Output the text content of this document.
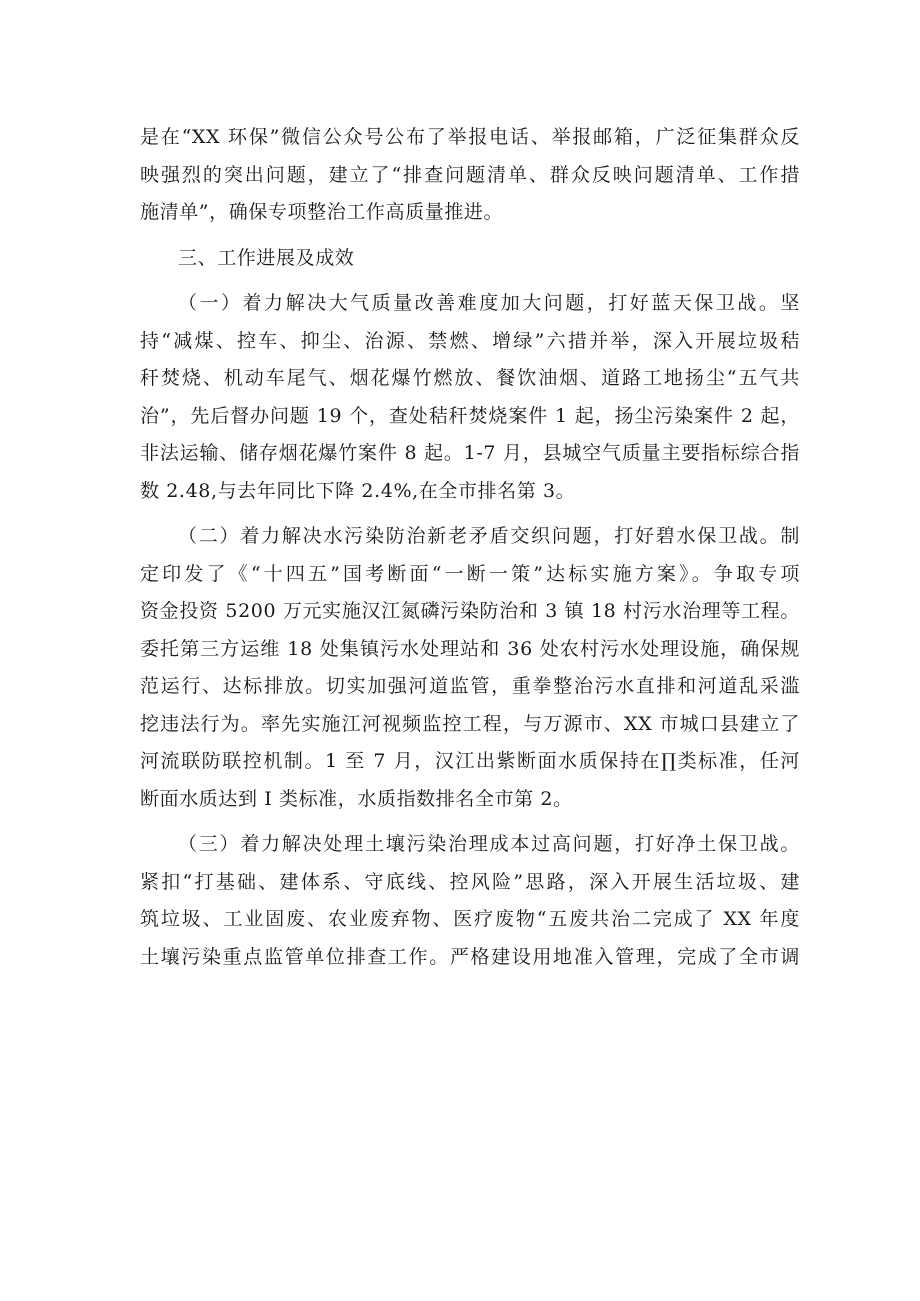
是在“XX 环保”微信公众号公布了举报电话、举报邮箱，广泛征集群众反
映强烈的突出问题，建立了“排查问题清单、群众反映问题清单、工作措
施清单”，确保专项整治工作高质量推进。
三、工作进展及成效
（一）着力解决大气质量改善难度加大问题，打好蓝天保卫战。坚
持“减煤、控车、抑尘、治源、禁燃、增绿”六措并举，深入开展垃圾秸
秆焚烧、机动车尾气、烟花爆竹燃放、餐饮油烟、道路工地扬尘“五气共
治”，先后督办问题 19 个，查处秸秆焚烧案件 1 起，扬尘污染案件 2 起，
非法运输、储存烟花爆竹案件 8 起。1-7 月，县城空气质量主要指标综合指
数 2.48,与去年同比下降 2.4%,在全市排名第 3。
（二）着力解决水污染防治新老矛盾交织问题，打好碧水保卫战。制
定印发了《“十四五”国考断面“一断一策”达标实施方案》。争取专项
资金投资 5200 万元实施汉江氮磷污染防治和 3 镇 18 村污水治理等工程。
委托第三方运维 18 处集镇污水处理站和 36 处农村污水处理设施，确保规
范运行、达标排放。切实加强河道监管，重拳整治污水直排和河道乱采滥
挖违法行为。率先实施江河视频监控工程，与万源市、XX 市城口县建立了
河流联防联控机制。1 至 7 月，汉江出紫断面水质保持在∏类标准，任河
断面水质达到 I 类标准，水质指数排名全市第 2。
（三）着力解决处理土壤污染治理成本过高问题，打好净土保卫战。
紧扣“打基础、建体系、守底线、控风险”思路，深入开展生活垃圾、建
筑垃圾、工业固废、农业废弃物、医疗废物“五废共治二完成了 XX 年度
土壤污染重点监管单位排查工作。严格建设用地准入管理，完成了全市调
